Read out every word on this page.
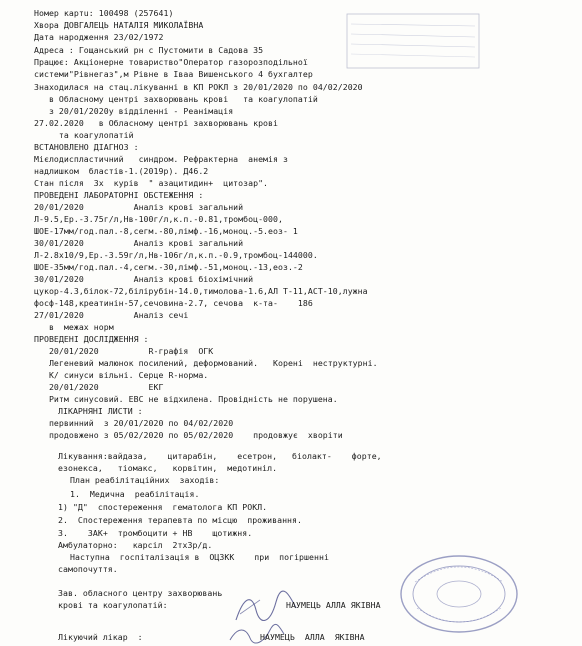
Номер картu: 100498 (257641)
Хвора ДОВГАЛЕЦЬ НАТАЛІЯ МИКОЛАЇВНА
Дата народження 23/02/1972
Адреса : Гощанський рн с Пустомити в Садова 35
Працює: Акціонерне товариство"Оператор газорозподільної
системи"Рівнегаз",м Рівне в Іваа Вишенського 4 бухгалтер
Знаходилася на стац.лікуванні в КП РОКЛ з 20/01/2020 по 04/02/2020
в Обласному центрі захворювань крові   та коагулопатій
з 20/01/2020у відділенні - Реанімація
27.02.2020   в Обласному центрі захворювань крові
та коагулопатій
ВСТАНОВЛЕНО ДІАГНОЗ :
Мієлодиспластичний   синдром. Рефрактерна  анемія з
надлишком  бластів-1.(2019р). Д46.2
Стан після  3х  курів  " азацитидин+  цитозар".
ПРОВЕДЕНІ ЛАБОРАТОРНІ ОБСТЕЖЕННЯ :
20/01/2020          Аналіз крові загальний
Л-9.5,Ер.-3.75г/л,Нв-100г/л,к.п.-0.81,тромбоц-000,
ШОЕ-17мм/год.пал.-8,сегм.-80,лімф.-16,моноц.-5.еоз- 1
30/01/2020          Аналіз крові загальний
Л-2.8х10/9,Ер.-3.59г/л,Нв-106г/л,к.п.-0.9,тромбоц-144000.
ШОЕ-35мм/год.пал.-4,сегм.-30,лімф.-51,моноц.-13,еоз.-2
30/01/2020          Аналіз крові біохімічний
цукор-4.3,білок-72,білірубін-14.0,тимолова-1.6,АЛ Т-11,АСТ-10,лужна
фосф-148,креатинін-57,сечовина-2.7, сечова  к-та-    186
27/01/2020          Аналіз сечі
в  межах норм
ПРОВЕДЕНІ ДОСЛІДЖЕННЯ :
20/01/2020          R-графія  ОГК
Легеневий малюнок посилений, деформований.   Корені  неструктурні.
К/ синуси вільні. Серце R-норма.
20/01/2020          ЕКГ
Ритм синусовий. ЕВС не відхилена. Провідність не порушена.
ЛІКАРНЯНІ ЛИСТИ :
первинний  з 20/01/2020 по 04/02/2020
продовжено з 05/02/2020 по 05/02/2020    продовжує  хворіти
Лікування:вайдаза,    цитарабін,    есетрон,   біолакт-    форте,
езонекса,   тіомакс,   корвітин,  медотиніл.
План реабілітаційних  заходів:
1.  Медична  реабілітація.
1) "Д"  спостереження  гематолога КП РОКЛ.
2.  Спостереження терапевта по місцю  проживання.
3.    ЗАК+  тромбоцити + НВ    щотижня.
Амбулаторно:   карсіл  2тх3р/д.
Наступна  госпіталізація в  ОЦЗКК    при  погіршенні
самопочуття.
Зав. обласного центру захворювань
крові та коагулопатій:	НАУМЕЦЬ АЛЛА ЯКІВНА
Лікуючий лікар  :	НАУМЕЦЬ  АЛЛА  ЯКІВНА
